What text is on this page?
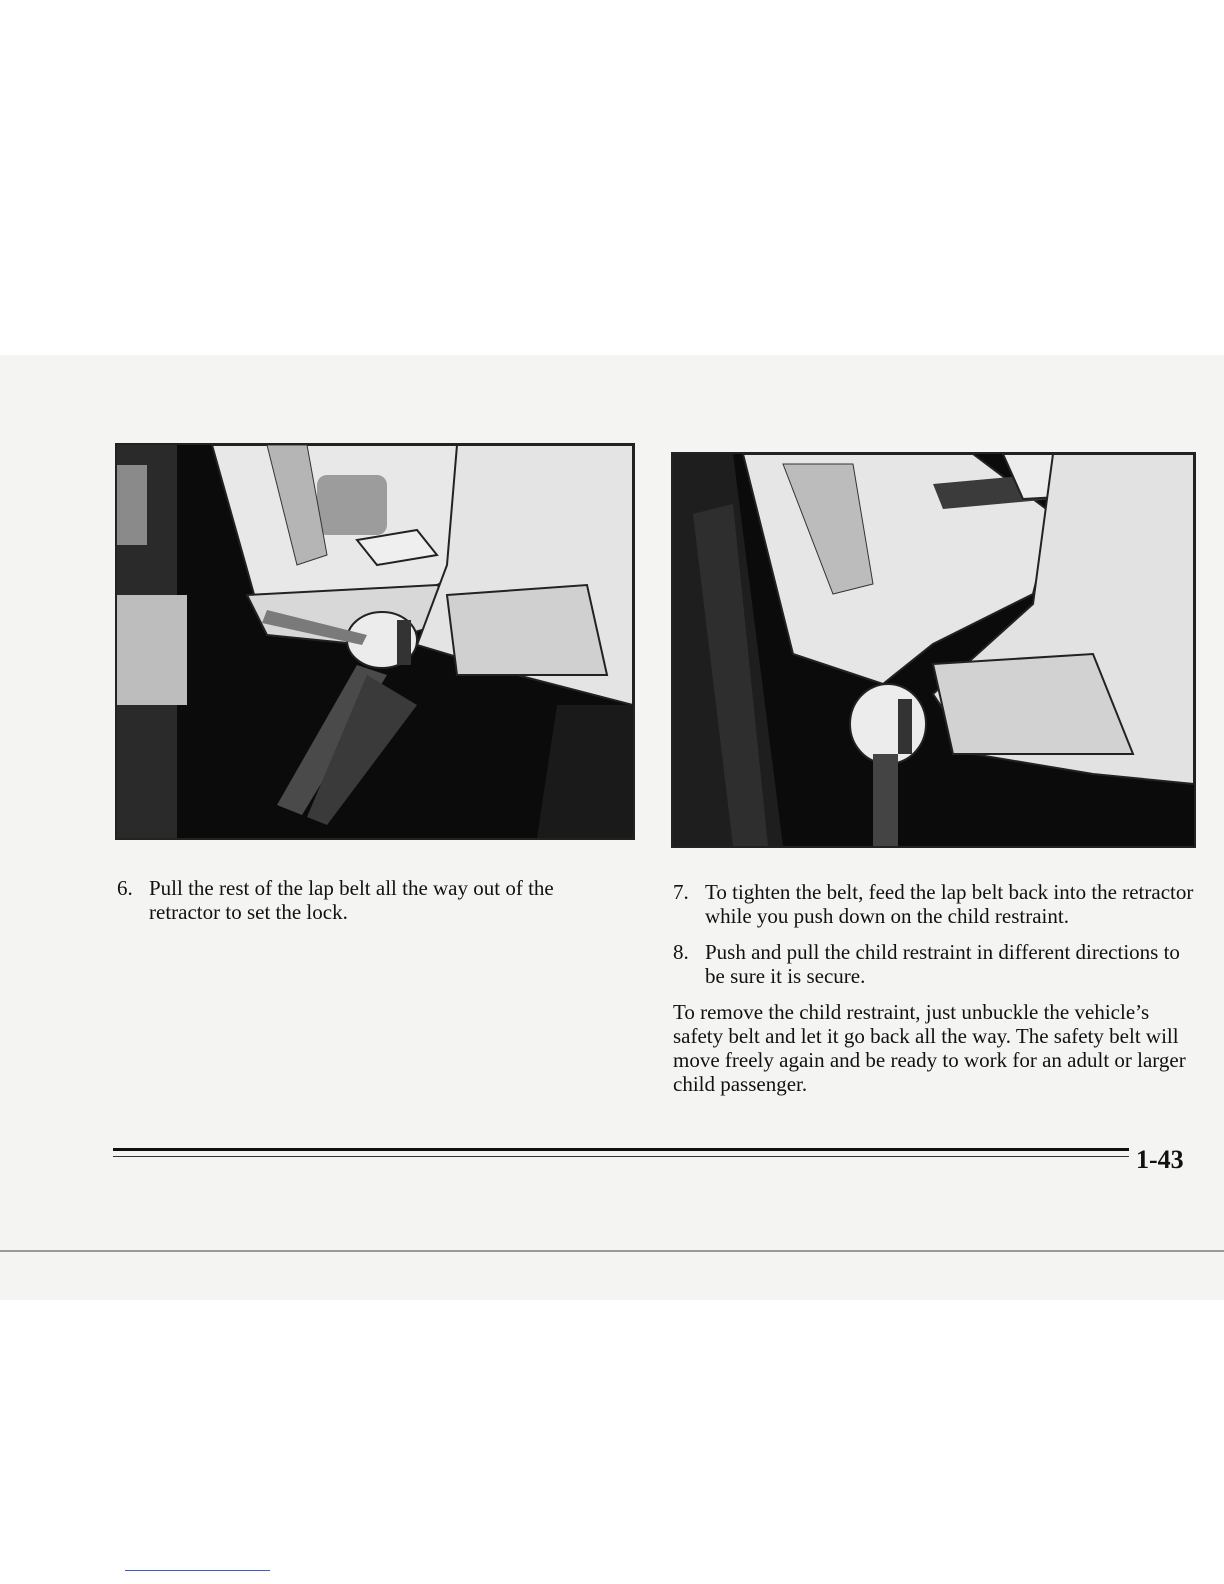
6. Pull the rest of the lap belt all the way out of the retractor to set the lock.
7. To tighten the belt, feed the lap belt back into the retractor while you push down on the child restraint.
8. Push and pull the child restraint in different directions to be sure it is secure.

To remove the child restraint, just unbuckle the vehicle’s safety belt and let it go back all the way. The safety belt will move freely again and be ready to work for an adult or larger child passenger.

1-43
